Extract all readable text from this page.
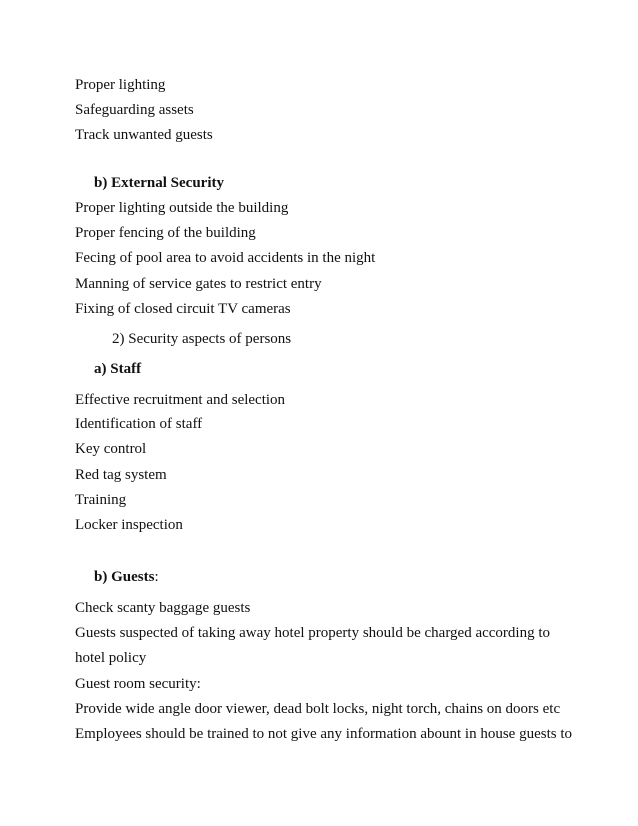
Proper lighting
Safeguarding assets
Track unwanted guests
b) External Security
Proper lighting outside the building
Proper fencing of the building
Fecing of pool area to avoid accidents in the night
Manning of service gates to restrict entry
Fixing of closed circuit TV cameras
2) Security aspects of persons
a) Staff
Effective recruitment and selection
Identification of staff
Key control
Red tag system
Training
Locker inspection
b) Guests:
Check scanty baggage guests
Guests suspected of taking away hotel property should be charged according to
hotel policy
Guest room security:
Provide wide angle door viewer, dead bolt locks, night torch, chains on doors etc
Employees should be trained to not give any information abount in house guests to
